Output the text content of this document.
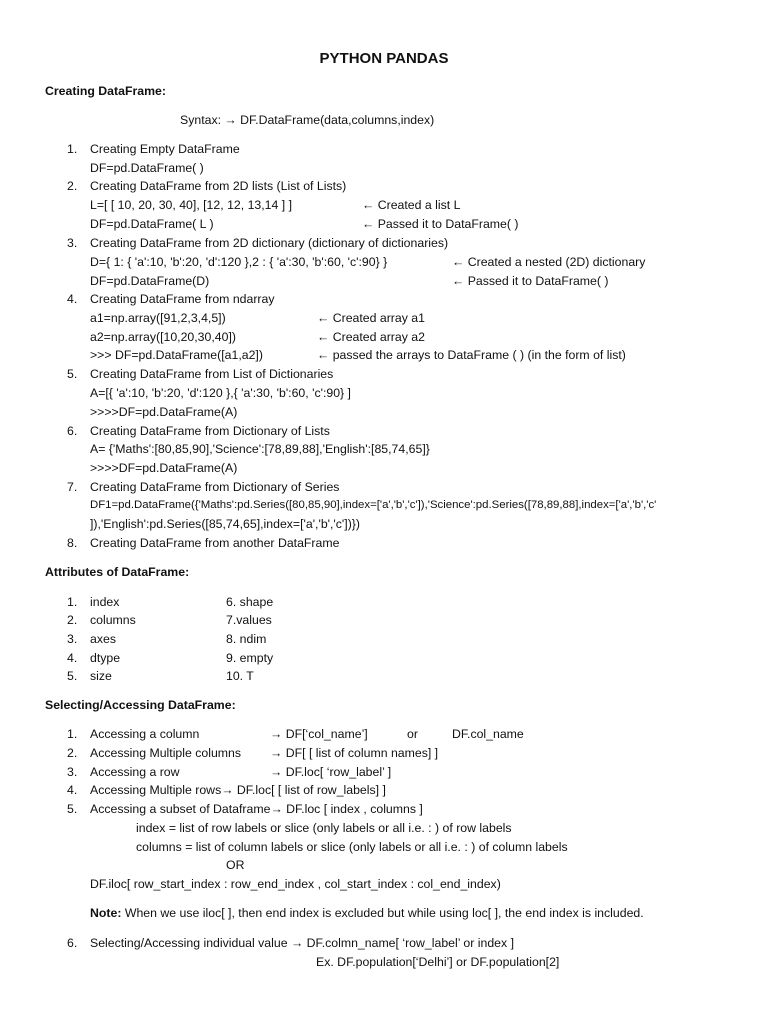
PYTHON PANDAS
Creating DataFrame:
Syntax: → DF.DataFrame(data,columns,index)
1. Creating Empty DataFrame
DF=pd.DataFrame( )
2. Creating DataFrame from 2D lists (List of Lists)
L=[ [ 10, 20, 30, 40], [12, 12, 13,14 ] ]	← Created a list L
DF=pd.DataFrame( L )	← Passed it to DataFrame( )
3. Creating DataFrame from 2D dictionary (dictionary of dictionaries)
D={ 1: { 'a':10, 'b':20, 'd':120 },2 : { 'a':30, 'b':60, 'c':90} }	← Created a nested (2D) dictionary
DF=pd.DataFrame(D)	← Passed it to DataFrame( )
4. Creating DataFrame from ndarray
a1=np.array([91,2,3,4,5])	← Created array a1
a2=np.array([10,20,30,40])	← Created array a2
>>> DF=pd.DataFrame([a1,a2])	← passed the arrays to DataFrame ( ) (in the form of list)
5. Creating DataFrame from List of Dictionaries
A=[{ 'a':10, 'b':20, 'd':120 },{ 'a':30, 'b':60, 'c':90} ]
>>>>DF=pd.DataFrame(A)
6. Creating DataFrame from Dictionary of Lists
A= {'Maths':[80,85,90],'Science':[78,89,88],'English':[85,74,65]}
>>>>DF=pd.DataFrame(A)
7. Creating DataFrame from Dictionary of Series
DF1=pd.DataFrame({'Maths':pd.Series([80,85,90],index=['a','b','c']),'Science':pd.Series([78,89,88],index=['a','b','c'
]),'English':pd.Series([85,74,65],index=['a','b','c'])})
8. Creating DataFrame from another DataFrame
Attributes of DataFrame:
1. index	6. shape
2. columns	7.values
3. axes	8. ndim
4. dtype	9. empty
5. size	10. T
Selecting/Accessing DataFrame:
1. Accessing a column	→ DF[‘col_name’]	or	DF.col_name
2. Accessing Multiple columns → DF[ [ list of column names] ]
3. Accessing a row	→ DF.loc[ ‘row_label’ ]
4. Accessing Multiple rows→ DF.loc[ [ list of row_labels] ]
5. Accessing a subset of Dataframe→ DF.loc [ index , columns ]
index = list of row labels or slice (only labels or all i.e. : ) of row labels
columns = list of column labels or slice (only labels or all i.e. : ) of column labels
OR
DF.iloc[ row_start_index : row_end_index , col_start_index : col_end_index)
Note: When we use iloc[ ], then end index is excluded but while using loc[ ], the end index is included.
6. Selecting/Accessing individual value → DF.colmn_name[ ‘row_label’ or index ]
Ex. DF.population[‘Delhi’] or DF.population[2]
